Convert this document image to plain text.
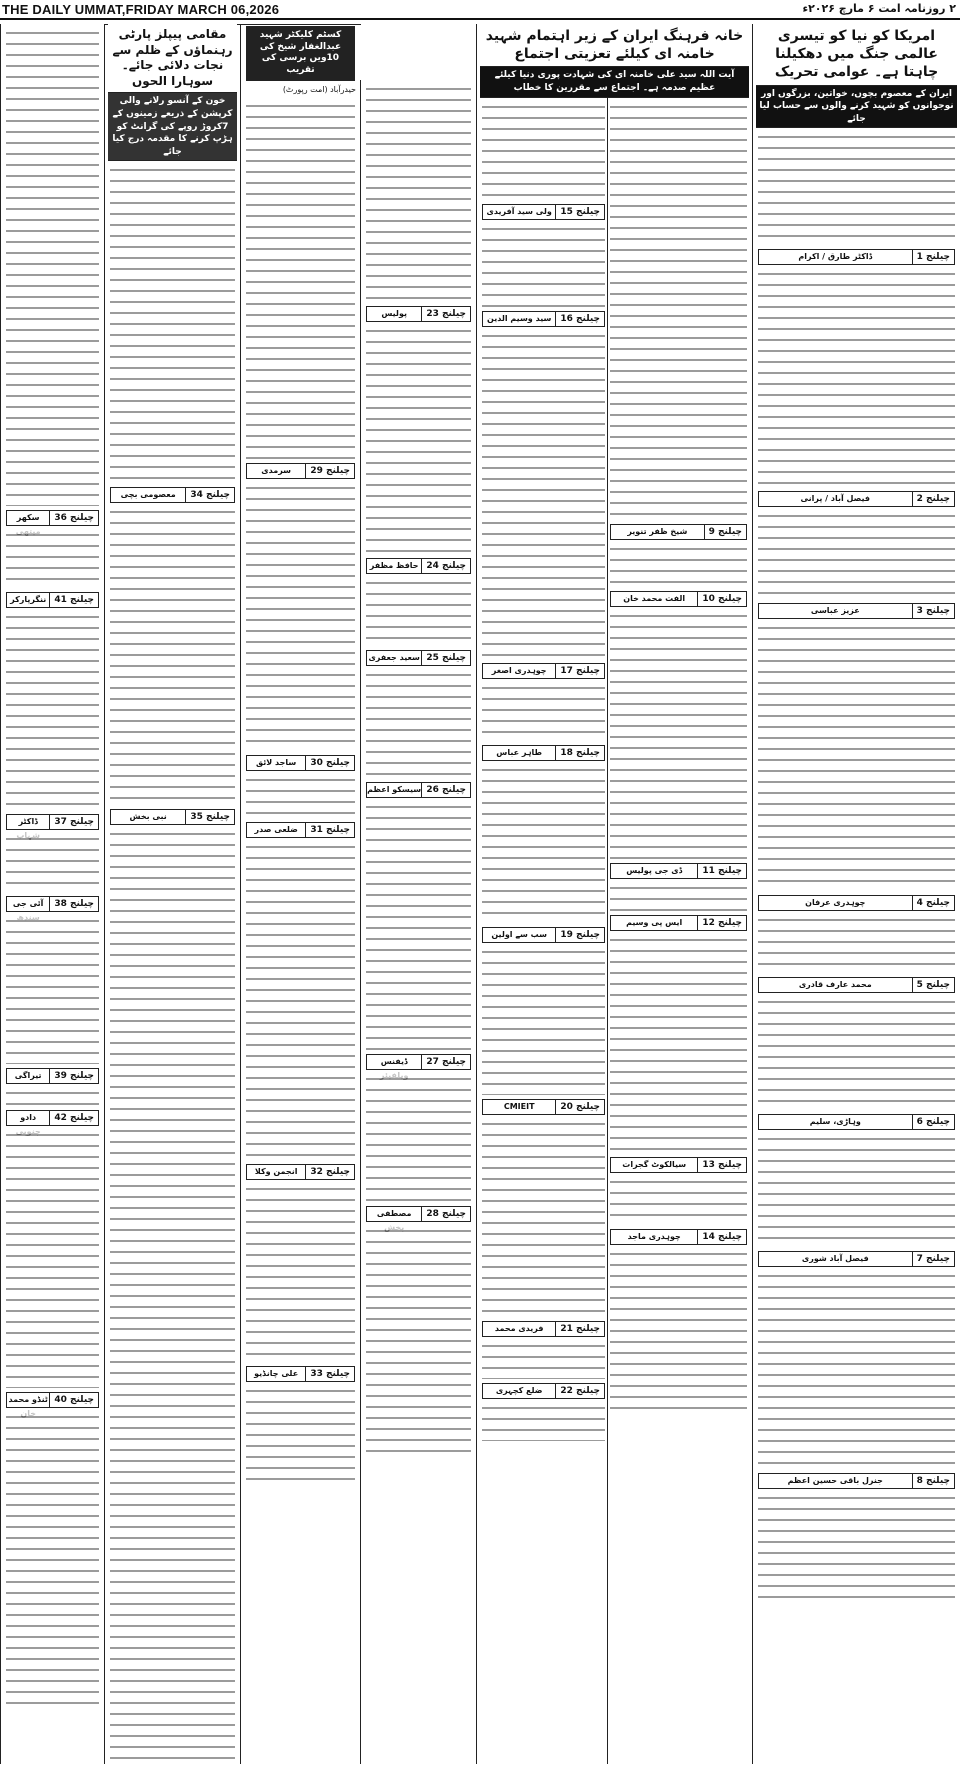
THE DAILY UMMAT,FRIDAY MARCH 06,2026	۲ روزنامہ امت ۶ مارچ ۲۰۲۶ء
امریکا کو نیا کو تیسری عالمی جنگ میں دھکیلنا چاہتا ہے۔ عوامی تحریک
ایران کے معصوم بچوں، خواتین، بزرگوں اور نوجوانوں کو شہید کرنے والوں سے حساب لیا جائے
چیلنج 1
ڈاکٹر طارق / اکرام
چیلنج 2
فیصل آباد / پرانی
چیلنج 3
عزیز عباسی
چیلنج 4
چوہدری عرفان
چیلنج 5
محمد عارف قادری
چیلنج 6
وہاڑی، سلیم
چیلنج 7
فیصل آباد شوری
چیلنج 8
جنرل باقی حسین اعظم
خانہ فرہنگ ایران کے زیر اہتمام شہید خامنہ ای کیلئے تعزیتی اجتماع
آیت اللہ سید علی خامنہ ای کی شہادت پوری دنیا کیلئے عظیم صدمہ ہے۔ اجتماع سے مقررین کا خطاب
چیلنج 9
شیخ ظفر تنویر
چیلنج 10
الفت محمد خان
چیلنج 11
ڈی جی پولیس
چیلنج 12
ایس پی وسیم
چیلنج 13
سیالکوٹ گجرات
چیلنج 14
چوہدری ماجد
چیلنج 15
ولی سید آفریدی
چیلنج 16
سید وسیم الدین
چیلنج 17
چوہدری اصغر
چیلنج 18
طاہر عباس
چیلنج 19
سب سے اولین
چیلنج 20
CMIEIT
چیلنج 21
فریدی محمد
چیلنج 22
ضلع کچہری
چیلنج 23
پولیس
چیلنج 24
حافظ مظفر
چیلنج 25
سعید جعفری
چیلنج 26
سیسکو اعظم
چیلنج 27
ڈیفنس
چیلنج 28
مصطفی
کسٹم کلیکٹر شہید عبدالغفار شیخ کی 10ویں برسی کی تقریب
حیدرآباد (امت رپورٹ)
چیلنج 29
سرمدی
چیلنج 30
ساجد لائق
چیلنج 31
ضلعی صدر
چیلنج 32
انجمن وکلا
چیلنج 33
علی چانڈیو
مقامی پیپلز پارٹی رہنماؤں کے ظلم سے نجات دلائی جائے۔سوہارا الحوں
خون کے آنسو رلانے والی کرپشن کے ذریعے زمینوں کے 7کروڑ روپے کی گرانٹ کو ہڑپ کرنے کا مقدمہ درج کیا جائے
چیلنج 34
معصومی بچی
چیلنج 35
نبی بخش
چیلنج 36
سکھر
چیلنج 41
ننگرپارکر
چیلنج 37
ڈاکٹر
چیلنج 38
آئی جی
چیلنج 39
تیراگی
چیلنج 42
دادو
چیلنج 40
ٹنڈو محمد
